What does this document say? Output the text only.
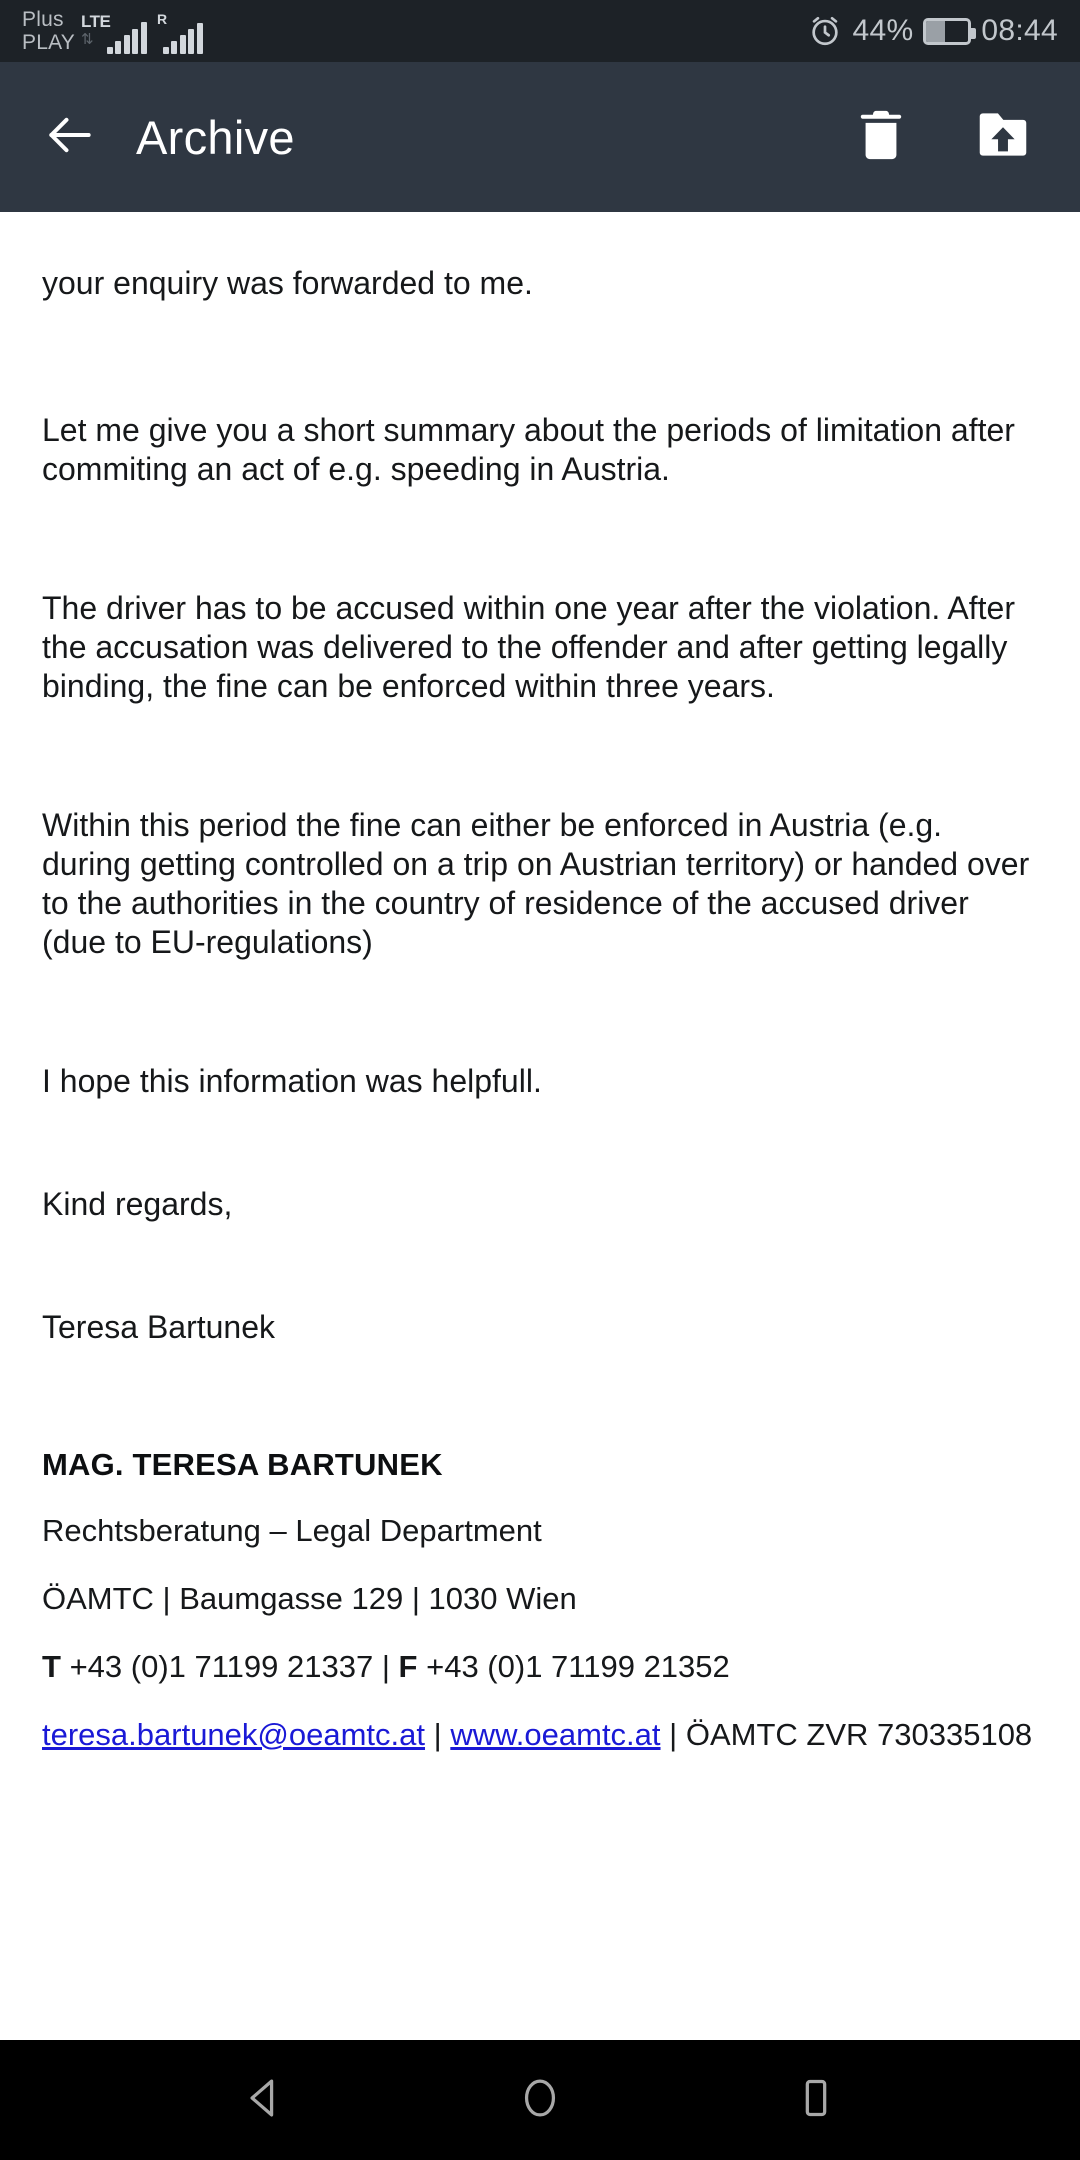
Plus
PLAY
LTE
⇅
R	44% 08:44
Archive

your enquiry was forwarded to me.

Let me give you a short summary about the periods of limitation after commiting an act of e.g. speeding in Austria.

The driver has to be accused within one year after the violation. After the accusation was delivered to the offender and after getting legally binding, the fine can be enforced within three years.

Within this period the fine can either be enforced in Austria (e.g. during getting controlled on a trip on Austrian territory) or handed over to the authorities in the country of residence of the accused driver (due to EU-regulations)

I hope this information was helpfull.

Kind regards,

Teresa Bartunek

MAG. TERESA BARTUNEK

Rechtsberatung – Legal Department

ÖAMTC | Baumgasse 129 | 1030 Wien

T +43 (0)1 71199 21337 | F +43 (0)1 71199 21352

teresa.bartunek@oeamtc.at | www.oeamtc.at | ÖAMTC ZVR 730335108
